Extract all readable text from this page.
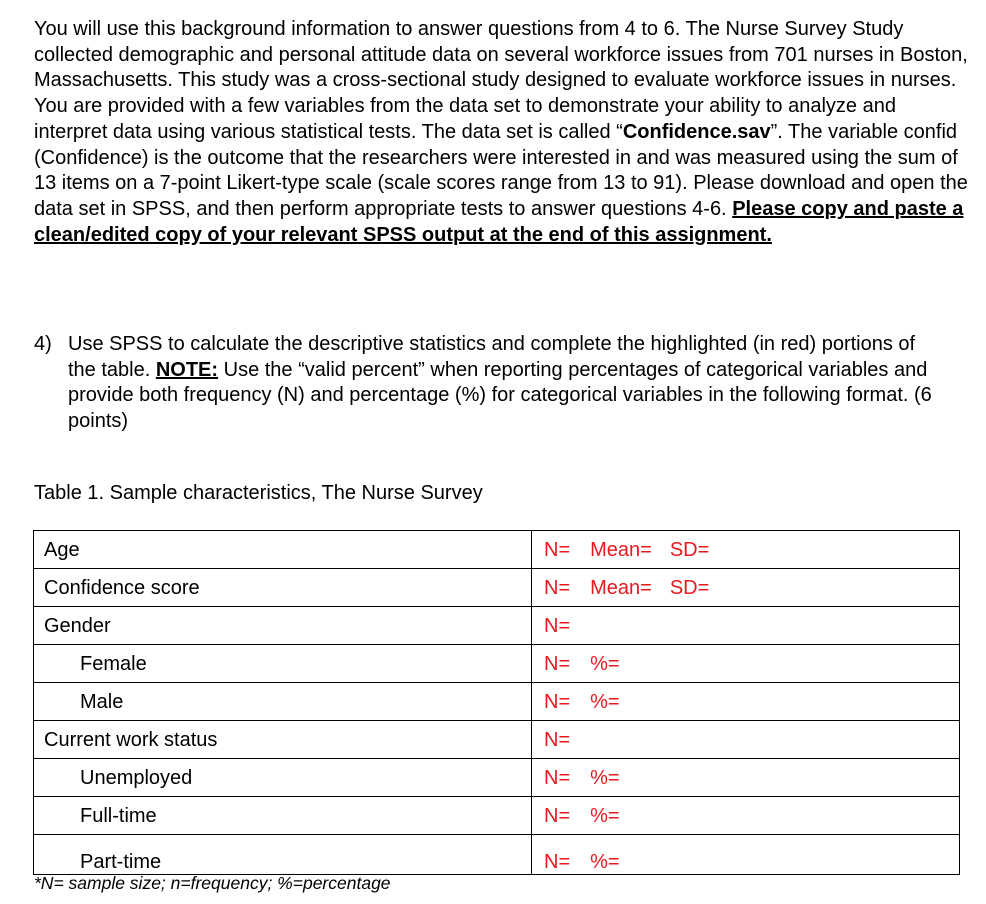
You will use this background information to answer questions from 4 to 6. The Nurse Survey Study collected demographic and personal attitude data on several workforce issues from 701 nurses in Boston, Massachusetts. This study was a cross-sectional study designed to evaluate workforce issues in nurses. You are provided with a few variables from the data set to demonstrate your ability to analyze and interpret data using various statistical tests. The data set is called “Confidence.sav”. The variable confid (Confidence) is the outcome that the researchers were interested in and was measured using the sum of 13 items on a 7-point Likert-type scale (scale scores range from 13 to 91). Please download and open the data set in SPSS, and then perform appropriate tests to answer questions 4-6. Please copy and paste a clean/edited copy of your relevant SPSS output at the end of this assignment.

4) Use SPSS to calculate the descriptive statistics and complete the highlighted (in red) portions of the table. NOTE: Use the “valid percent” when reporting percentages of categorical variables and provide both frequency (N) and percentage (%) for categorical variables in the following format. (6 points)
Table 1. Sample characteristics, The Nurse Survey
Age	N= Mean= SD=
Confidence score	N= Mean= SD=
Gender	N=
Female	N= %=
Male	N= %=
Current work status	N=
Unemployed	N= %=
Full-time	N= %=
Part-time	N= %=
*N= sample size; n=frequency; %=percentage
